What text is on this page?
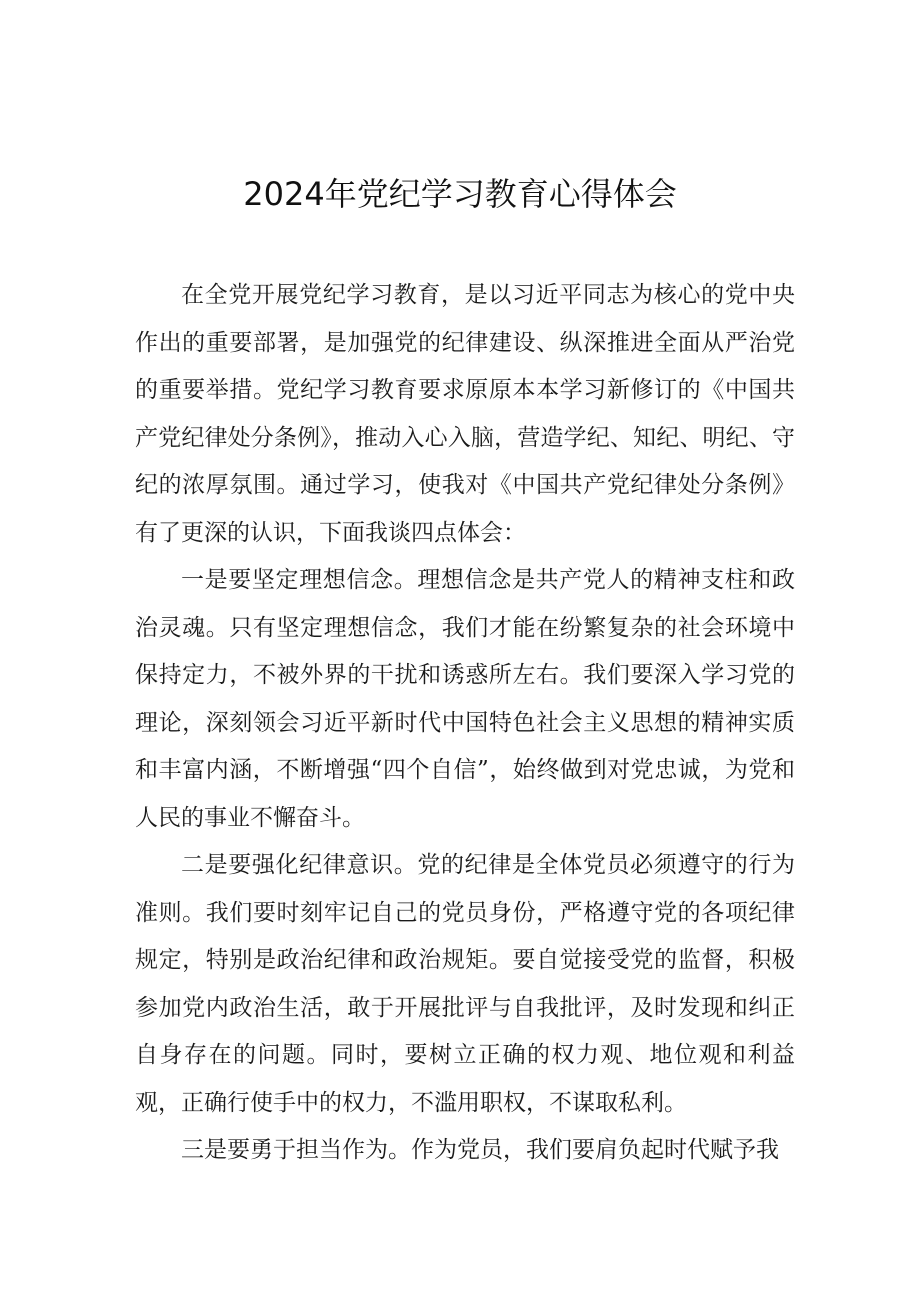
2024年党纪学习教育心得体会

在全党开展党纪学习教育，是以习近平同志为核心的党中央作出的重要部署，是加强党的纪律建设、纵深推进全面从严治党的重要举措。党纪学习教育要求原原本本学习新修订的《中国共产党纪律处分条例》，推动入心入脑，营造学纪、知纪、明纪、守纪的浓厚氛围。通过学习，使我对《中国共产党纪律处分条例》有了更深的认识，下面我谈四点体会：

一是要坚定理想信念。理想信念是共产党人的精神支柱和政治灵魂。只有坚定理想信念，我们才能在纷繁复杂的社会环境中保持定力，不被外界的干扰和诱惑所左右。我们要深入学习党的理论，深刻领会习近平新时代中国特色社会主义思想的精神实质和丰富内涵，不断增强“四个自信”，始终做到对党忠诚，为党和人民的事业不懈奋斗。

二是要强化纪律意识。党的纪律是全体党员必须遵守的行为准则。我们要时刻牢记自己的党员身份，严格遵守党的各项纪律规定，特别是政治纪律和政治规矩。要自觉接受党的监督，积极参加党内政治生活，敢于开展批评与自我批评，及时发现和纠正自身存在的问题。同时，要树立正确的权力观、地位观和利益观，正确行使手中的权力，不滥用职权，不谋取私利。

三是要勇于担当作为。作为党员，我们要肩负起时代赋予我
